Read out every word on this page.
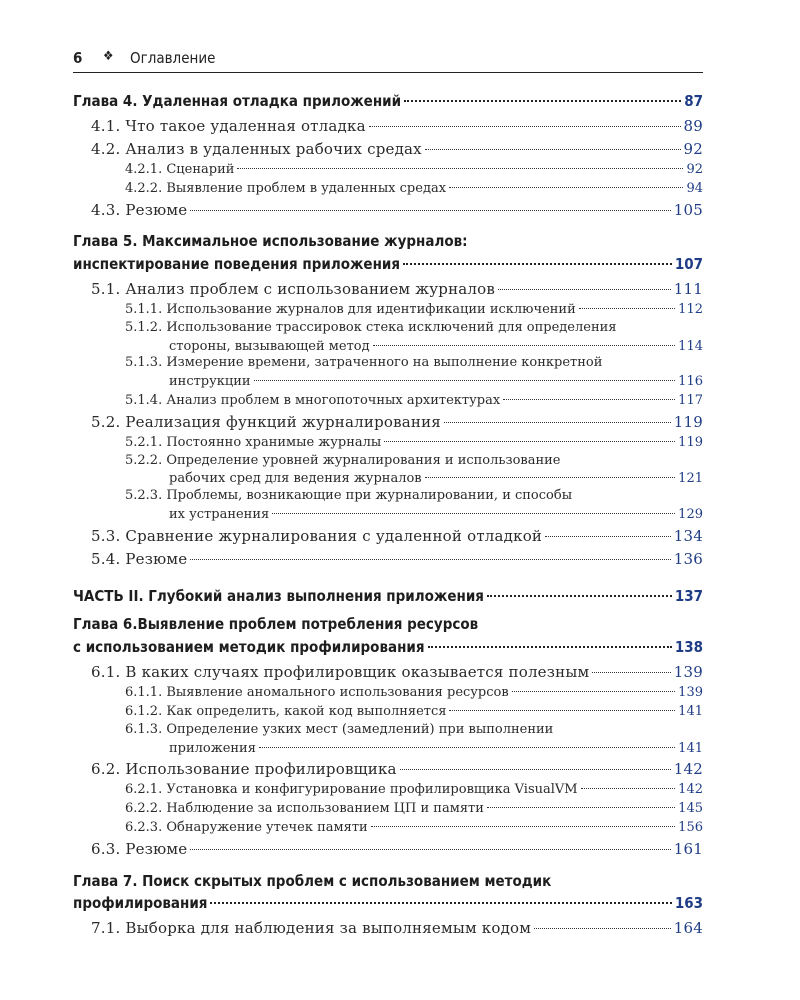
6 ❖ Оглавление
Глава 4. Удаленная отладка приложений	87
4.1. Что такое удаленная отладка	89
4.2. Анализ в удаленных рабочих средах	92
4.2.1. Сценарий	92
4.2.2. Выявление проблем в удаленных средах	94
4.3. Резюме	105
Глава 5. Максимальное использование журналов:
инспектирование поведения приложения	107
5.1. Анализ проблем с использованием журналов	111
5.1.1. Использование журналов для идентификации исключений	112
5.1.2. Использование трассировок стека исключений для определения
стороны, вызывающей метод	114
5.1.3. Измерение времени, затраченного на выполнение конкретной
инструкции	116
5.1.4. Анализ проблем в многопоточных архитектурах	117
5.2. Реализация функций журналирования	119
5.2.1. Постоянно хранимые журналы	119
5.2.2. Определение уровней журналирования и использование
рабочих сред для ведения журналов	121
5.2.3. Проблемы, возникающие при журналировании, и способы
их устранения	129
5.3. Сравнение журналирования с удаленной отладкой	134
5.4. Резюме	136
ЧАСТЬ II. Глубокий анализ выполнения приложения	137
Глава 6.Выявление проблем потребления ресурсов
с использованием методик профилирования	138
6.1. В каких случаях профилировщик оказывается полезным	139
6.1.1. Выявление аномального использования ресурсов	139
6.1.2. Как определить, какой код выполняется	141
6.1.3. Определение узких мест (замедлений) при выполнении
приложения	141
6.2. Использование профилировщика	142
6.2.1. Установка и конфигурирование профилировщика VisualVM	142
6.2.2. Наблюдение за использованием ЦП и памяти	145
6.2.3. Обнаружение утечек памяти	156
6.3. Резюме	161
Глава 7. Поиск скрытых проблем с использованием методик
профилирования	163
7.1. Выборка для наблюдения за выполняемым кодом	164
